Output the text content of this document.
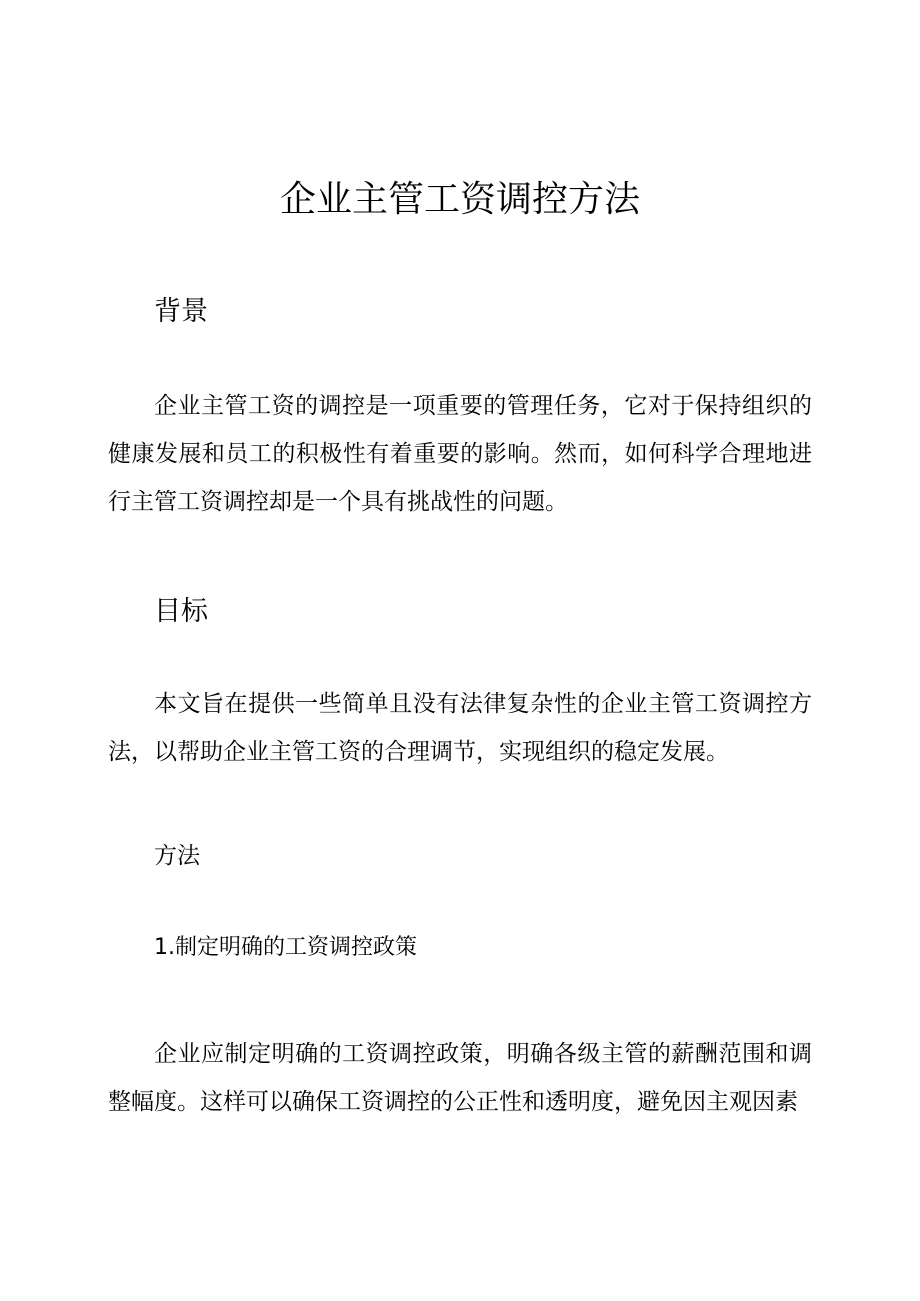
企业主管工资调控方法
背景

企业主管工资的调控是一项重要的管理任务，它对于保持组织的健康发展和员工的积极性有着重要的影响。然而，如何科学合理地进行主管工资调控却是一个具有挑战性的问题。

目标

本文旨在提供一些简单且没有法律复杂性的企业主管工资调控方法，以帮助企业主管工资的合理调节，实现组织的稳定发展。

方法
1.制定明确的工资调控政策

企业应制定明确的工资调控政策，明确各级主管的薪酬范围和调整幅度。这样可以确保工资调控的公正性和透明度，避免因主观因素
